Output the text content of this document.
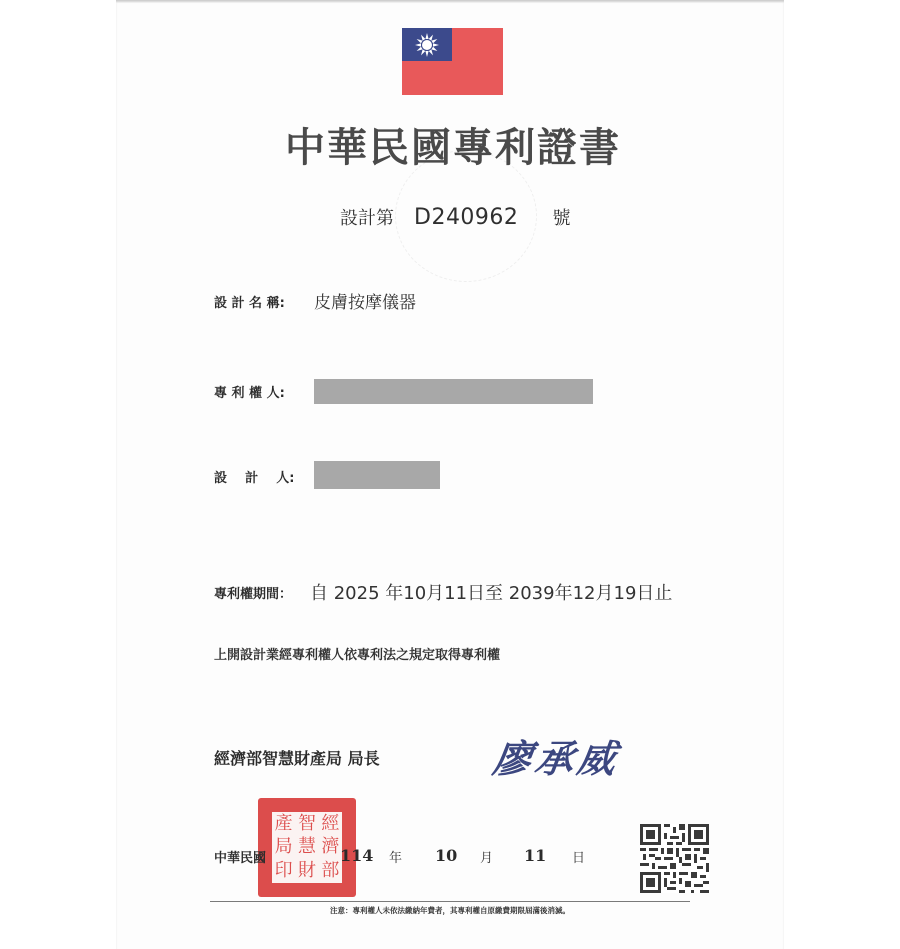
中華民國專利證書
設計第 D240962 號
設 計 名 稱: 皮膚按摩儀器
專 利 權 人:
設    計    人:
專利權期間： 自 2025 年10月11日至 2039年12月19日止
上開設計業經專利權人依專利法之規定取得專利權
經濟部智慧財產局 局長	廖承威
經
智
產
濟
慧
局
部
財
印
中華民國	114 年 10 月 11 日
注意：專利權人未依法繳納年費者，其專利權自原繳費期限屆滿後消滅。
